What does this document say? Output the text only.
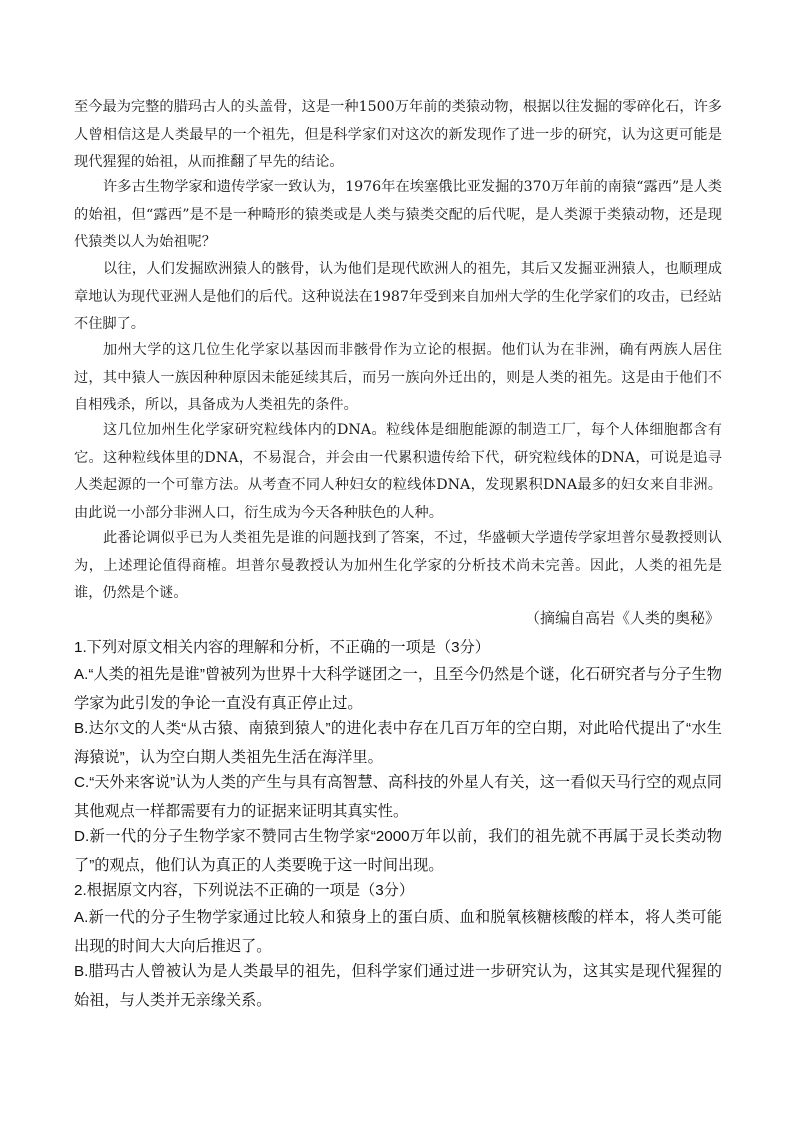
至今最为完整的腊玛古人的头盖骨，这是一种1500万年前的类猿动物，根据以往发掘的零碎化石，许多人曾相信这是人类最早的一个祖先，但是科学家们对这次的新发现作了进一步的研究，认为这更可能是现代猩猩的始祖，从而推翻了早先的结论。

许多古生物学家和遗传学家一致认为，1976年在埃塞俄比亚发掘的370万年前的南猿“露西”是人类的始祖，但“露西”是不是一种畸形的猿类或是人类与猿类交配的后代呢，是人类源于类猿动物，还是现代猿类以人为始祖呢？

以往，人们发掘欧洲猿人的骸骨，认为他们是现代欧洲人的祖先，其后又发掘亚洲猿人，也顺理成章地认为现代亚洲人是他们的后代。这种说法在1987年受到来自加州大学的生化学家们的攻击，已经站不住脚了。

加州大学的这几位生化学家以基因而非骸骨作为立论的根据。他们认为在非洲，确有两族人居住过，其中猿人一族因种种原因未能延续其后，而另一族向外迁出的，则是人类的祖先。这是由于他们不自相残杀，所以，具备成为人类祖先的条件。

这几位加州生化学家研究粒线体内的DNA。粒线体是细胞能源的制造工厂，每个人体细胞都含有它。这种粒线体里的DNA，不易混合，并会由一代累积遗传给下代，研究粒线体的DNA，可说是追寻人类起源的一个可靠方法。从考查不同人种妇女的粒线体DNA，发现累积DNA最多的妇女来自非洲。由此说一小部分非洲人口，衍生成为今天各种肤色的人种。

此番论调似乎已为人类祖先是谁的问题找到了答案，不过，华盛顿大学遗传学家坦普尔曼教授则认为，上述理论值得商榷。坦普尔曼教授认为加州生化学家的分析技术尚未完善。因此，人类的祖先是谁，仍然是个谜。

（摘编自高岩《人类的奥秘》

1.下列对原文相关内容的理解和分析，不正确的一项是（3分）

A.“人类的祖先是谁”曾被列为世界十大科学谜团之一，且至今仍然是个谜，化石研究者与分子生物学家为此引发的争论一直没有真正停止过。

B.达尔文的人类“从古猿、南猿到猿人”的进化表中存在几百万年的空白期，对此哈代提出了“水生海猿说”，认为空白期人类祖先生活在海洋里。

C.“天外来客说”认为人类的产生与具有高智慧、高科技的外星人有关，这一看似天马行空的观点同其他观点一样都需要有力的证据来证明其真实性。

D.新一代的分子生物学家不赞同古生物学家“2000万年以前，我们的祖先就不再属于灵长类动物了”的观点，他们认为真正的人类要晚于这一时间出现。

2.根据原文内容，下列说法不正确的一项是（3分）

A.新一代的分子生物学家通过比较人和猿身上的蛋白质、血和脱氧核糖核酸的样本，将人类可能出现的时间大大向后推迟了。

B.腊玛古人曾被认为是人类最早的祖先，但科学家们通过进一步研究认为，这其实是现代猩猩的始祖，与人类并无亲缘关系。
